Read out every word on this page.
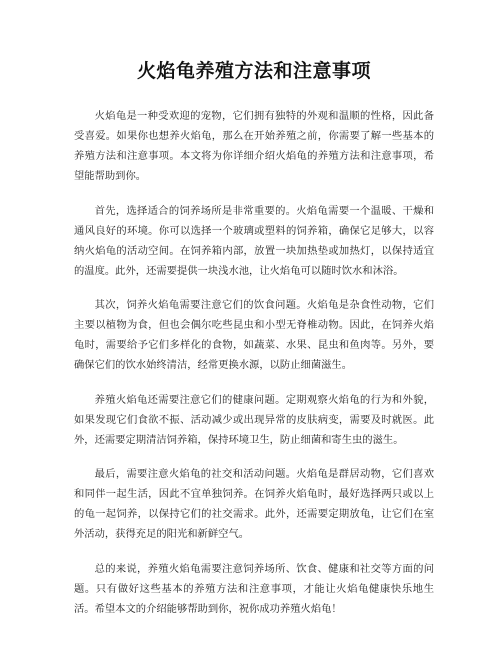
火焰龟养殖方法和注意事项

火焰龟是一种受欢迎的宠物，它们拥有独特的外观和温顺的性格，因此备受喜爱。如果你也想养火焰龟，那么在开始养殖之前，你需要了解一些基本的养殖方法和注意事项。本文将为你详细介绍火焰龟的养殖方法和注意事项，希望能帮助到你。

首先，选择适合的饲养场所是非常重要的。火焰龟需要一个温暖、干燥和通风良好的环境。你可以选择一个玻璃或塑料的饲养箱，确保它足够大，以容纳火焰龟的活动空间。在饲养箱内部，放置一块加热垫或加热灯，以保持适宜的温度。此外，还需要提供一块浅水池，让火焰龟可以随时饮水和沐浴。

其次，饲养火焰龟需要注意它们的饮食问题。火焰龟是杂食性动物，它们主要以植物为食，但也会偶尔吃些昆虫和小型无脊椎动物。因此，在饲养火焰龟时，需要给予它们多样化的食物，如蔬菜、水果、昆虫和鱼肉等。另外，要确保它们的饮水始终清洁，经常更换水源，以防止细菌滋生。

养殖火焰龟还需要注意它们的健康问题。定期观察火焰龟的行为和外貌，如果发现它们食欲不振、活动减少或出现异常的皮肤病变，需要及时就医。此外，还需要定期清洁饲养箱，保持环境卫生，防止细菌和寄生虫的滋生。

最后，需要注意火焰龟的社交和活动问题。火焰龟是群居动物，它们喜欢和同伴一起生活，因此不宜单独饲养。在饲养火焰龟时，最好选择两只或以上的龟一起饲养，以保持它们的社交需求。此外，还需要定期放龟，让它们在室外活动，获得充足的阳光和新鲜空气。

总的来说，养殖火焰龟需要注意饲养场所、饮食、健康和社交等方面的问题。只有做好这些基本的养殖方法和注意事项，才能让火焰龟健康快乐地生活。希望本文的介绍能够帮助到你，祝你成功养殖火焰龟！
